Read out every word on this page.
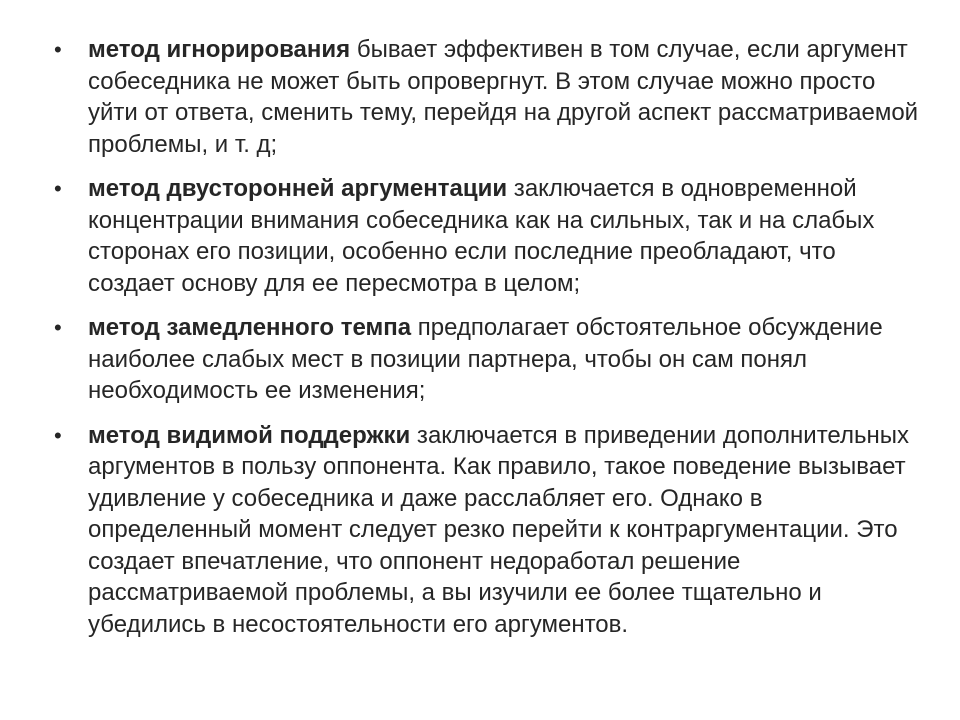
• метод игнорирования бывает эффективен в том случае, если аргумент собеседника не может быть опровергнут. В этом случае можно просто уйти от ответа, сменить тему, перейдя на другой аспект рассматриваемой проблемы, и т. д;
• метод двусторонней аргументации заключается в одновременной концентрации внимания собеседника как на сильных, так и на слабых сторонах его позиции, особенно если последние преобладают, что создает основу для ее пересмотра в целом;
• метод замедленного темпа предполагает обстоятельное обсуждение наиболее слабых мест в позиции партнера, чтобы он сам понял необходимость ее изменения;
• метод видимой поддержки заключается в приведении дополнительных аргументов в пользу оппонента. Как правило, такое поведение вызывает удивление у собеседника и даже расслабляет его. Однако в определенный момент следует резко перейти к контраргументации. Это создает впечатление, что оппонент недоработал решение рассматриваемой проблемы, а вы изучили ее более тщательно и убедились в несостоятельности его аргументов.
